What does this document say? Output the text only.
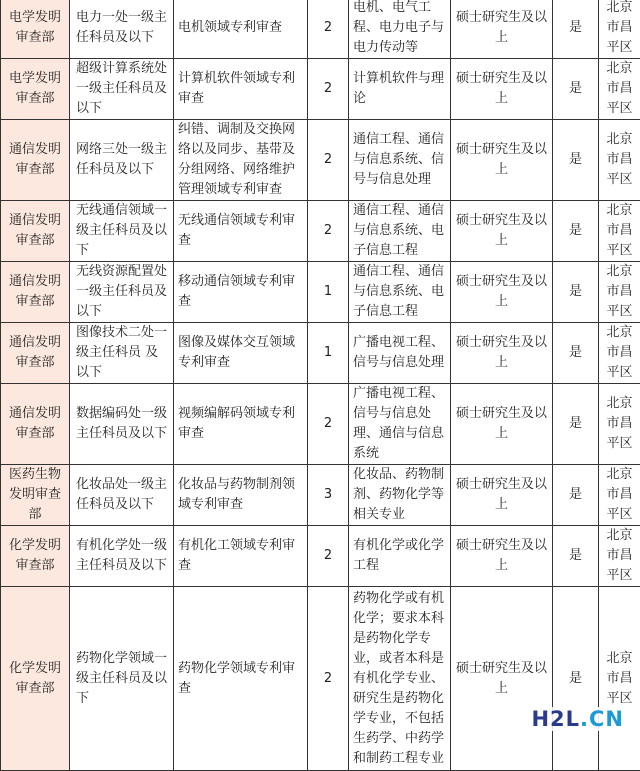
电学发明审查部	电力一处一级主任科员及以下	电机领域专利审查	2	电机、电气工程、电力电子与电力传动等	硕士研究生及以上	是	北京市昌平区
电学发明审查部	超级计算系统处一级主任科员及以下	计算机软件领域专利审查	2	计算机软件与理论	硕士研究生及以上	是	北京市昌平区
通信发明审查部	网络三处一级主任科员及以下	纠错、调制及交换网络以及同步、基带及分组网络、网络维护管理领域专利审查	2	通信工程、通信与信息系统、信号与信息处理	硕士研究生及以上	是	北京市昌平区
通信发明审查部	无线通信领域一级主任科员及以下	无线通信领域专利审查	2	通信工程、通信与信息系统、电子信息工程	硕士研究生及以上	是	北京市昌平区
通信发明审查部	无线资源配置处一级主任科员及以下	移动通信领域专利审查	1	通信工程、通信与信息系统、电子信息工程	硕士研究生及以上	是	北京市昌平区
通信发明审查部	图像技术二处一级主任科员 及以下	图像及媒体交互领域专利审查	1	广播电视工程、信号与信息处理	硕士研究生及以上	是	北京市昌平区
通信发明审查部	数据编码处一级主任科员及以下	视频编解码领域专利审查	2	广播电视工程、信号与信息处理、通信与信息系统	硕士研究生及以上	是	北京市昌平区
医药生物发明审查部	化妆品处一级主任科员及以下	化妆品与药物制剂领域专利审查	3	化妆品、药物制剂、药物化学等相关专业	硕士研究生及以上	是	北京市昌平区
化学发明审查部	有机化学处一级主任科员及以下	有机化工领域专利审查	2	有机化学或化学工程	硕士研究生及以上	是	北京市昌平区
化学发明审查部	药物化学领域一级主任科员及以下	药物化学领域专利审查	2	药物化学或有机化学；要求本科是药物化学专业，或者本科是有机化学专业、研究生是药物化学专业，不包括生药学、中药学和制药工程专业	硕士研究生及以上	是	北京市昌平区
H2L.CN
